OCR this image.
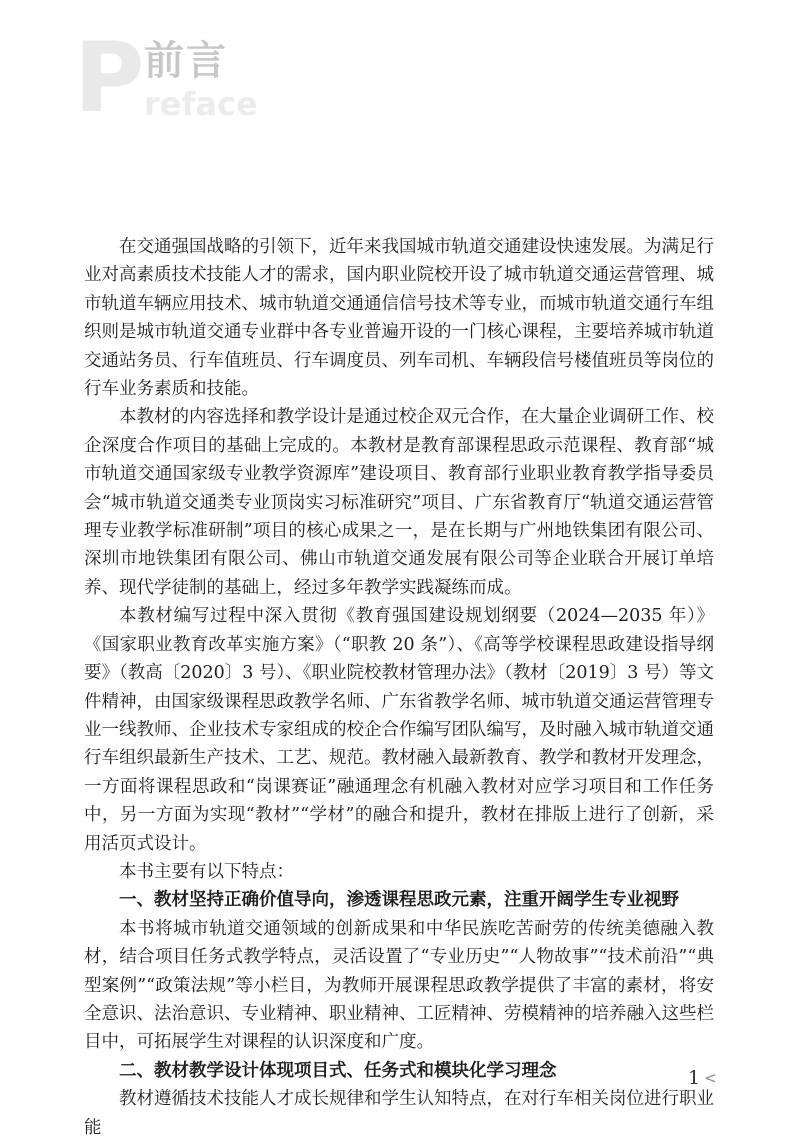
P 前言
reface

在交通强国战略的引领下，近年来我国城市轨道交通建设快速发展。为满足行业对高素质技术技能人才的需求，国内职业院校开设了城市轨道交通运营管理、城市轨道车辆应用技术、城市轨道交通通信信号技术等专业，而城市轨道交通行车组织则是城市轨道交通专业群中各专业普遍开设的一门核心课程，主要培养城市轨道交通站务员、行车值班员、行车调度员、列车司机、车辆段信号楼值班员等岗位的行车业务素质和技能。

本教材的内容选择和教学设计是通过校企双元合作，在大量企业调研工作、校企深度合作项目的基础上完成的。本教材是教育部课程思政示范课程、教育部“城市轨道交通国家级专业教学资源库”建设项目、教育部行业职业教育教学指导委员会“城市轨道交通类专业顶岗实习标准研究”项目、广东省教育厅“轨道交通运营管理专业教学标准研制”项目的核心成果之一，是在长期与广州地铁集团有限公司、深圳市地铁集团有限公司、佛山市轨道交通发展有限公司等企业联合开展订单培养、现代学徒制的基础上，经过多年教学实践凝练而成。

本教材编写过程中深入贯彻《教育强国建设规划纲要（2024—2035 年）》《国家职业教育改革实施方案》（“职教 20 条”）、《高等学校课程思政建设指导纲要》（教高〔2020〕3 号）、《职业院校教材管理办法》（教材〔2019〕3 号）等文件精神，由国家级课程思政教学名师、广东省教学名师、城市轨道交通运营管理专业一线教师、企业技术专家组成的校企合作编写团队编写，及时融入城市轨道交通行车组织最新生产技术、工艺、规范。教材融入最新教育、教学和教材开发理念，一方面将课程思政和“岗课赛证”融通理念有机融入教材对应学习项目和工作任务中，另一方面为实现“教材”“学材”的融合和提升，教材在排版上进行了创新，采用活页式设计。

本书主要有以下特点：

一、教材坚持正确价值导向，渗透课程思政元素，注重开阔学生专业视野

本书将城市轨道交通领域的创新成果和中华民族吃苦耐劳的传统美德融入教材，结合项目任务式教学特点，灵活设置了“专业历史”“人物故事”“技术前沿”“典型案例”“政策法规”等小栏目，为教师开展课程思政教学提供了丰富的素材，将安全意识、法治意识、专业精神、职业精神、工匠精神、劳模精神的培养融入这些栏目中，可拓展学生对课程的认识深度和广度。

二、教材教学设计体现项目式、任务式和模块化学习理念

教材遵循技术技能人才成长规律和学生认知特点，在对行车相关岗位进行职业能

1 <
